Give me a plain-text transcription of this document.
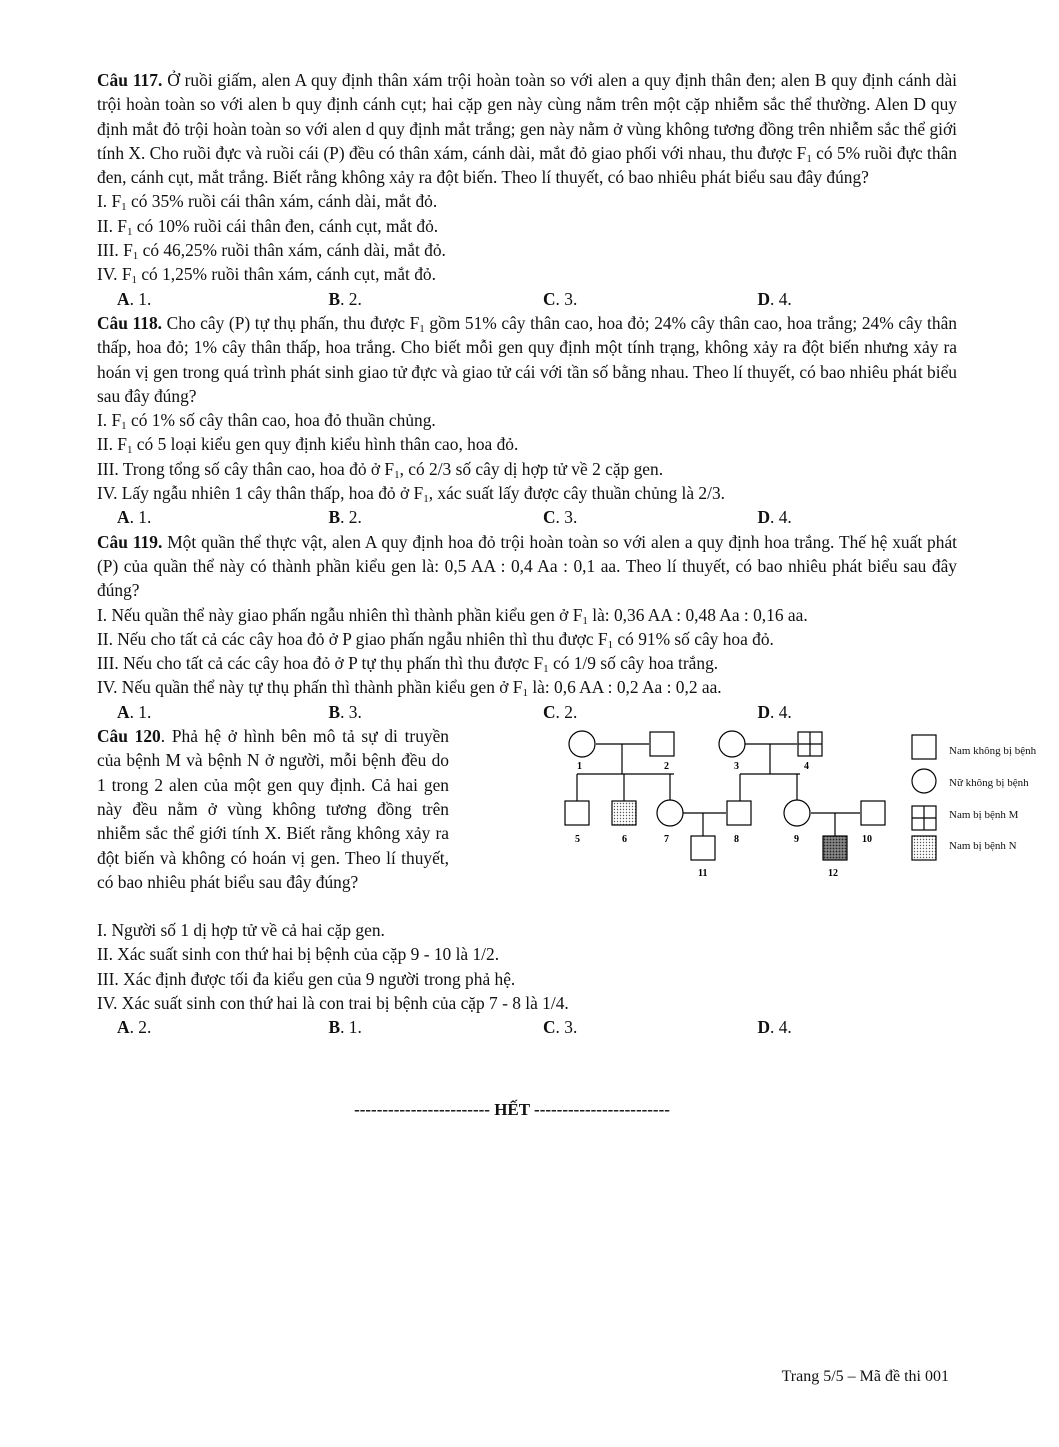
Câu 117. Ở ruồi giấm, alen A quy định thân xám trội hoàn toàn so với alen a quy định thân đen; alen B quy định cánh dài trội hoàn toàn so với alen b quy định cánh cụt; hai cặp gen này cùng nằm trên một cặp nhiễm sắc thể thường. Alen D quy định mắt đỏ trội hoàn toàn so với alen d quy định mắt trắng; gen này nằm ở vùng không tương đồng trên nhiễm sắc thể giới tính X. Cho ruồi đực và ruồi cái (P) đều có thân xám, cánh dài, mắt đỏ giao phối với nhau, thu được $F_1$ có 5% ruồi đực thân đen, cánh cụt, mắt trắng. Biết rằng không xảy ra đột biến. Theo lí thuyết, có bao nhiêu phát biểu sau đây đúng?

I. $F_1$ có 35% ruồi cái thân xám, cánh dài, mắt đỏ.

II. $F_1$ có 10% ruồi cái thân đen, cánh cụt, mắt đỏ.

III. $F_1$ có 46,25% ruồi thân xám, cánh dài, mắt đỏ.

IV. $F_1$ có 1,25% ruồi thân xám, cánh cụt, mắt đỏ.

A. 1.	B. 2.	C. 3.	D. 4.

Câu 118. Cho cây (P) tự thụ phấn, thu được $F_1$ gồm 51% cây thân cao, hoa đỏ; 24% cây thân cao, hoa trắng; 24% cây thân thấp, hoa đỏ; 1% cây thân thấp, hoa trắng. Cho biết mỗi gen quy định một tính trạng, không xảy ra đột biến nhưng xảy ra hoán vị gen trong quá trình phát sinh giao tử đực và giao tử cái với tần số bằng nhau. Theo lí thuyết, có bao nhiêu phát biểu sau đây đúng?

I. $F_1$ có 1% số cây thân cao, hoa đỏ thuần chủng.

II. $F_1$ có 5 loại kiểu gen quy định kiểu hình thân cao, hoa đỏ.

III. Trong tổng số cây thân cao, hoa đỏ ở $F_1$, có 2/3 số cây dị hợp tử về 2 cặp gen.

IV. Lấy ngẫu nhiên 1 cây thân thấp, hoa đỏ ở $F_1$, xác suất lấy được cây thuần chủng là 2/3.

A. 1.	B. 2.	C. 3.	D. 4.

Câu 119. Một quần thể thực vật, alen A quy định hoa đỏ trội hoàn toàn so với alen a quy định hoa trắng. Thế hệ xuất phát (P) của quần thể này có thành phần kiểu gen là: 0,5 AA : 0,4 Aa : 0,1 aa. Theo lí thuyết, có bao nhiêu phát biểu sau đây đúng?

I. Nếu quần thể này giao phấn ngẫu nhiên thì thành phần kiểu gen ở $F_1$ là: 0,36 AA : 0,48 Aa : 0,16 aa.

II. Nếu cho tất cả các cây hoa đỏ ở P giao phấn ngẫu nhiên thì thu được $F_1$ có 91% số cây hoa đỏ.

III. Nếu cho tất cả các cây hoa đỏ ở P tự thụ phấn thì thu được $F_1$ có 1/9 số cây hoa trắng.

IV. Nếu quần thể này tự thụ phấn thì thành phần kiểu gen ở $F_1$ là: 0,6 AA : 0,2 Aa : 0,2 aa.

A. 1.	B. 3.	C. 2.	D. 4.

Câu 120. Phả hệ ở hình bên mô tả sự di truyền của bệnh M và bệnh N ở người, mỗi bệnh đều do 1 trong 2 alen của một gen quy định. Cả hai gen này đều nằm ở vùng không tương đồng trên nhiễm sắc thể giới tính X. Biết rằng không xảy ra đột biến và không có hoán vị gen. Theo lí thuyết, có bao nhiêu phát biểu sau đây đúng?

1	2	3	4
5	6	7	8	9	10
11	12
Nam không bị bệnh
Nữ không bị bệnh
Nam bị bệnh M
Nam bị bệnh N

I. Người số 1 dị hợp tử về cả hai cặp gen.

II. Xác suất sinh con thứ hai bị bệnh của cặp 9 - 10 là 1/2.

III. Xác định được tối đa kiểu gen của 9 người trong phả hệ.

IV. Xác suất sinh con thứ hai là con trai bị bệnh của cặp 7 - 8 là 1/4.

A. 2.	B. 1.	C. 3.	D. 4.
------------------------ HẾT ------------------------
Trang 5/5 – Mã đề thi 001
